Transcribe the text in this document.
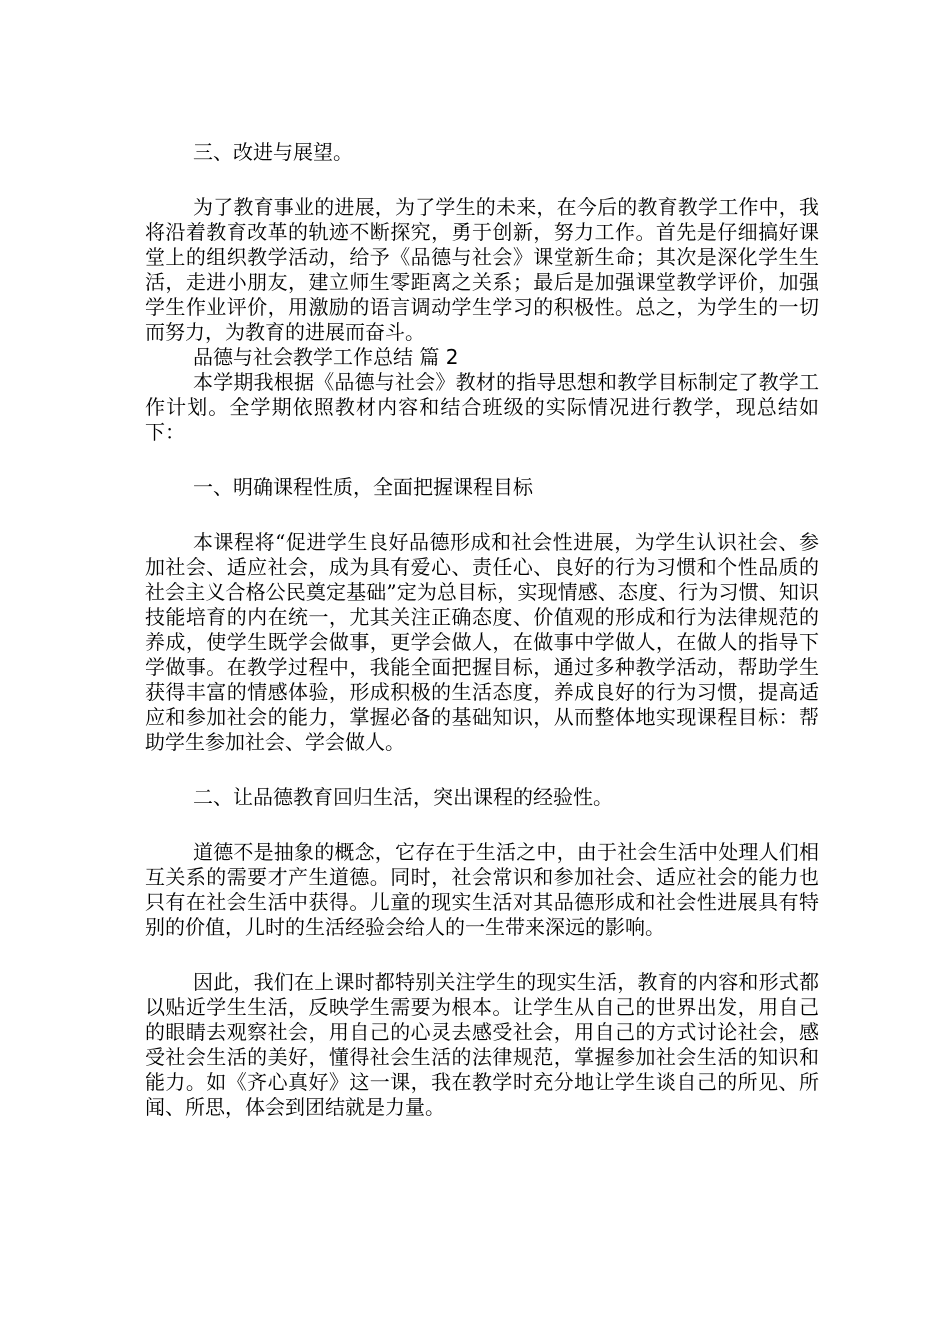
三、改进与展望。

为了教育事业的进展，为了学生的未来，在今后的教育教学工作中，我将沿着教育改革的轨迹不断探究，勇于创新，努力工作。首先是仔细搞好课堂上的组织教学活动，给予《品德与社会》课堂新生命；其次是深化学生生活，走进小朋友，建立师生零距离之关系；最后是加强课堂教学评价，加强学生作业评价，用激励的语言调动学生学习的积极性。总之，为学生的一切而努力，为教育的进展而奋斗。

品德与社会教学工作总结 篇 2

本学期我根据《品德与社会》教材的指导思想和教学目标制定了教学工作计划。全学期依照教材内容和结合班级的实际情况进行教学，现总结如下：

一、明确课程性质，全面把握课程目标

本课程将“促进学生良好品德形成和社会性进展，为学生认识社会、参加社会、适应社会，成为具有爱心、责任心、良好的行为习惯和个性品质的社会主义合格公民奠定基础”定为总目标，实现情感、态度、行为习惯、知识技能培育的内在统一，尤其关注正确态度、价值观的形成和行为法律规范的养成，使学生既学会做事，更学会做人，在做事中学做人，在做人的指导下学做事。在教学过程中，我能全面把握目标，通过多种教学活动，帮助学生获得丰富的情感体验，形成积极的生活态度，养成良好的行为习惯，提高适应和参加社会的能力，掌握必备的基础知识，从而整体地实现课程目标：帮助学生参加社会、学会做人。

二、让品德教育回归生活，突出课程的经验性。

道德不是抽象的概念，它存在于生活之中，由于社会生活中处理人们相互关系的需要才产生道德。同时，社会常识和参加社会、适应社会的能力也只有在社会生活中获得。儿童的现实生活对其品德形成和社会性进展具有特别的价值，儿时的生活经验会给人的一生带来深远的影响。

因此，我们在上课时都特别关注学生的现实生活，教育的内容和形式都以贴近学生生活，反映学生需要为根本。让学生从自己的世界出发，用自己的眼睛去观察社会，用自己的心灵去感受社会，用自己的方式讨论社会，感受社会生活的美好，懂得社会生活的法律规范，掌握参加社会生活的知识和能力。如《齐心真好》这一课，我在教学时充分地让学生谈自己的所见、所闻、所思，体会到团结就是力量。
